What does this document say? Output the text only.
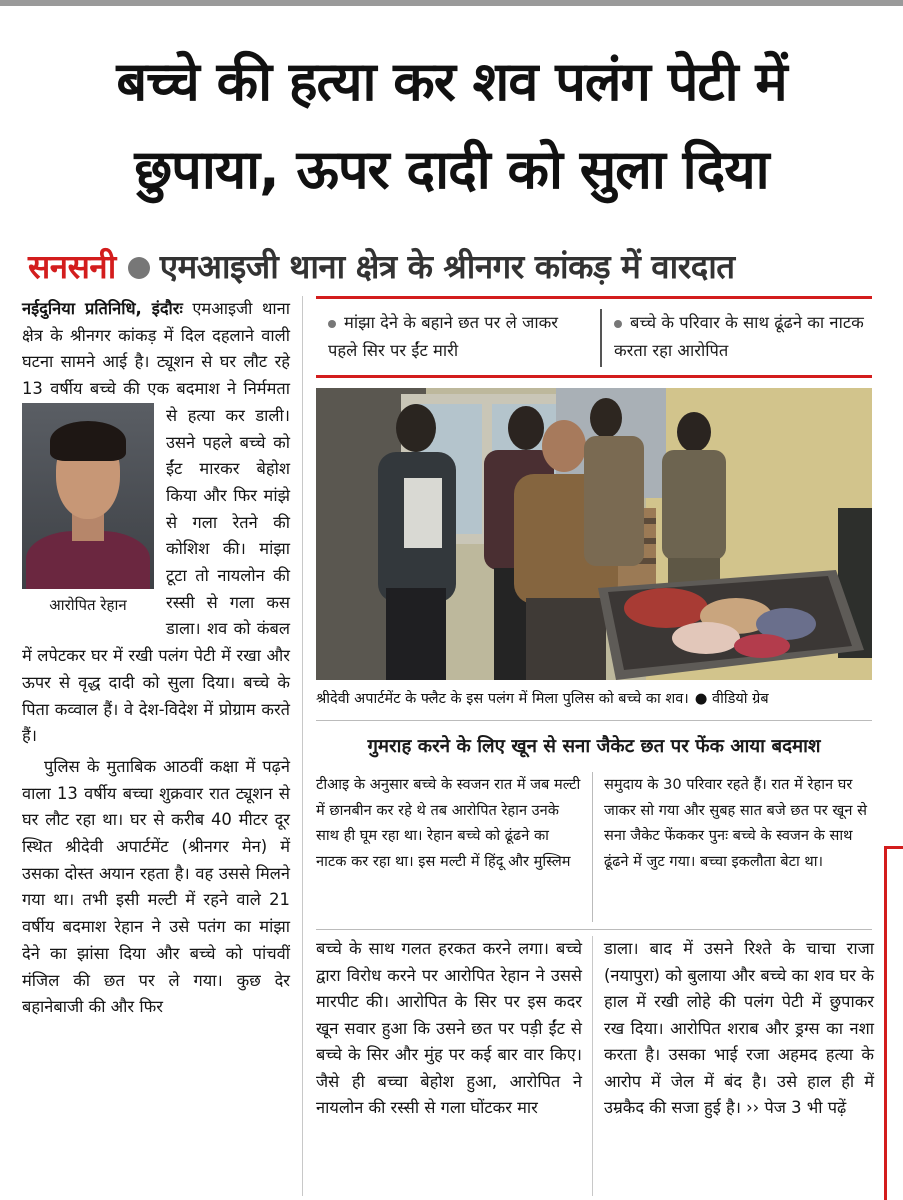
बच्चे की हत्या कर शव पलंग पेटी में
छुपाया, ऊपर दादी को सुला दिया
सनसनी एमआइजी थाना क्षेत्र के श्रीनगर कांकड़ में वारदात

नईदुनिया प्रतिनिधि, इंदौरः एमआइजी थाना क्षेत्र के श्रीनगर कांकड़ में दिल दहलाने वाली घटना सामने आई है। ट्यूशन से घर लौट रहे 13 वर्षीय बच्चे की एक बदमाश ने निर्ममता से
आरोपित रेहान
हत्या कर डाली। उसने पहले बच्चे को ईंट मारकर बेहोश किया और फिर मांझे से गला रेतने की कोशिश की। मांझा टूटा तो नायलोन की रस्सी से गला कस डाला। शव को कंबल में लपेटकर घर में रखी पलंग पेटी में रखा और ऊपर से वृद्ध दादी को सुला दिया। बच्चे के पिता कव्वाल हैं। वे देश-विदेश में प्रोग्राम करते हैं।

पुलिस के मुताबिक आठवीं कक्षा में पढ़ने वाला 13 वर्षीय बच्चा शुक्रवार रात ट्यूशन से घर लौट रहा था। घर से करीब 40 मीटर दूर स्थित श्रीदेवी अपार्टमेंट (श्रीनगर मेन) में उसका दोस्त अयान रहता है। वह उससे मिलने गया था। तभी इसी मल्टी में रहने वाले 21 वर्षीय बदमाश रेहान ने उसे पतंग का मांझा देने का झांसा दिया और बच्चे को पांचवीं मंजिल की छत पर ले गया। कुछ देर बहानेबाजी की और फिर

मांझा देने के बहाने छत पर ले जाकर पहले सिर पर ईंट मारी
बच्चे के परिवार के साथ ढूंढने का नाटक करता रहा आरोपित
श्रीदेवी अपार्टमेंट के फ्लैट के इस पलंग में मिला पुलिस को बच्चे का शव। ● वीडियो ग्रेब
गुमराह करने के लिए खून से सना जैकेट छत पर फेंक आया बदमाश
टीआइ के अनुसार बच्चे के स्वजन रात में जब मल्टी में छानबीन कर रहे थे तब आरोपित रेहान उनके साथ ही घूम रहा था। रेहान बच्चे को ढूंढने का नाटक कर रहा था। इस मल्टी में हिंदू और मुस्लिम
समुदाय के 30 परिवार रहते हैं। रात में रेहान घर जाकर सो गया और सुबह सात बजे छत पर खून से सना जैकेट फेंककर पुनः बच्चे के स्वजन के साथ ढूंढने में जुट गया। बच्चा इकलौता बेटा था।
बच्चे के साथ गलत हरकत करने लगा। बच्चे द्वारा विरोध करने पर आरोपित रेहान ने उससे मारपीट की। आरोपित के सिर पर इस कदर खून सवार हुआ कि उसने छत पर पड़ी ईंट से बच्चे के सिर और मुंह पर कई बार वार किए। जैसे ही बच्चा बेहोश हुआ, आरोपित ने नायलोन की रस्सी से गला घोंटकर मार
डाला। बाद में उसने रिश्ते के चाचा राजा (नयापुरा) को बुलाया और बच्चे का शव घर के हाल में रखी लोहे की पलंग पेटी में छुपाकर रख दिया। आरोपित शराब और ड्रग्स का नशा करता है। उसका भाई रजा अहमद हत्या के आरोप में जेल में बंद है। उसे हाल ही में उम्रकैद की सजा हुई है। ›› पेज 3 भी पढ़ें
